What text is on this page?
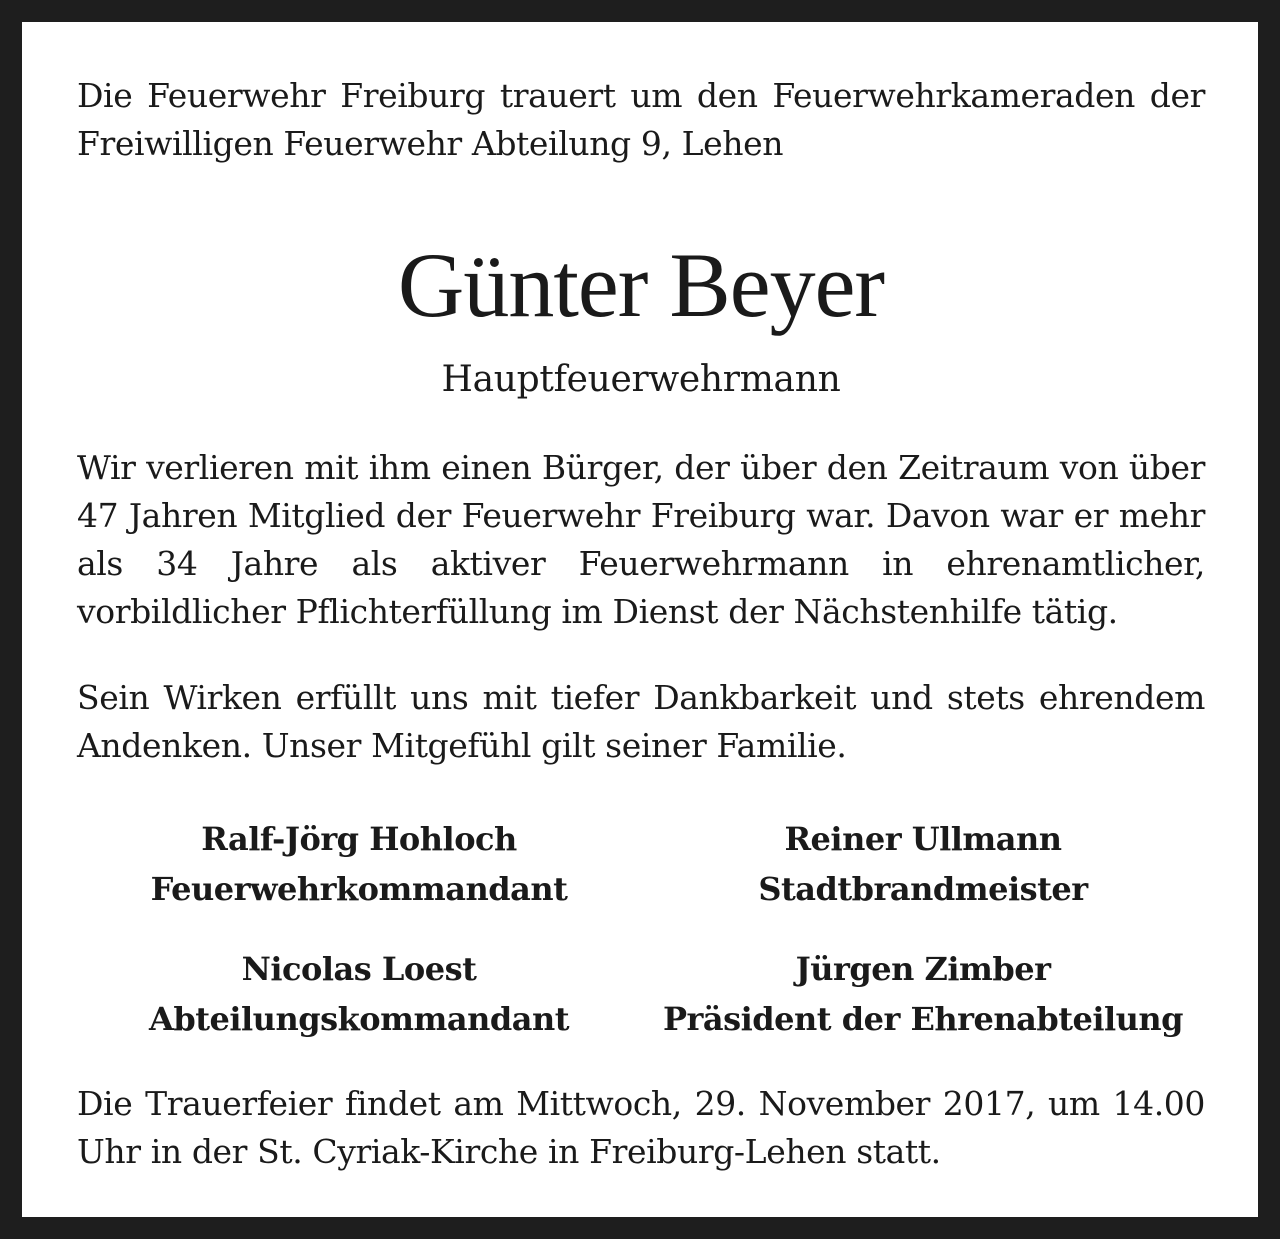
Die Feuerwehr Freiburg trauert um den Feuerwehrkameraden der Freiwilligen Feuerwehr Abteilung 9, Lehen

Günter Beyer

Hauptfeuerwehrmann

Wir verlieren mit ihm einen Bürger, der über den Zeitraum von über 47 Jahren Mitglied der Feuerwehr Freiburg war. Davon war er mehr als 34 Jahre als aktiver Feuerwehrmann in ehrenamtlicher, vorbildlicher Pflichterfüllung im Dienst der Nächstenhilfe tätig.

Sein Wirken erfüllt uns mit tiefer Dankbarkeit und stets ehrendem Andenken. Unser Mitgefühl gilt seiner Familie.

Ralf-Jörg Hohloch
Feuerwehrkommandant
Reiner Ullmann
Stadtbrandmeister
Nicolas Loest
Abteilungskommandant
Jürgen Zimber
Präsident der Ehrenabteilung

Die Trauerfeier findet am Mittwoch, 29. November 2017, um 14.00 Uhr in der St. Cyriak-Kirche in Freiburg-Lehen statt.
